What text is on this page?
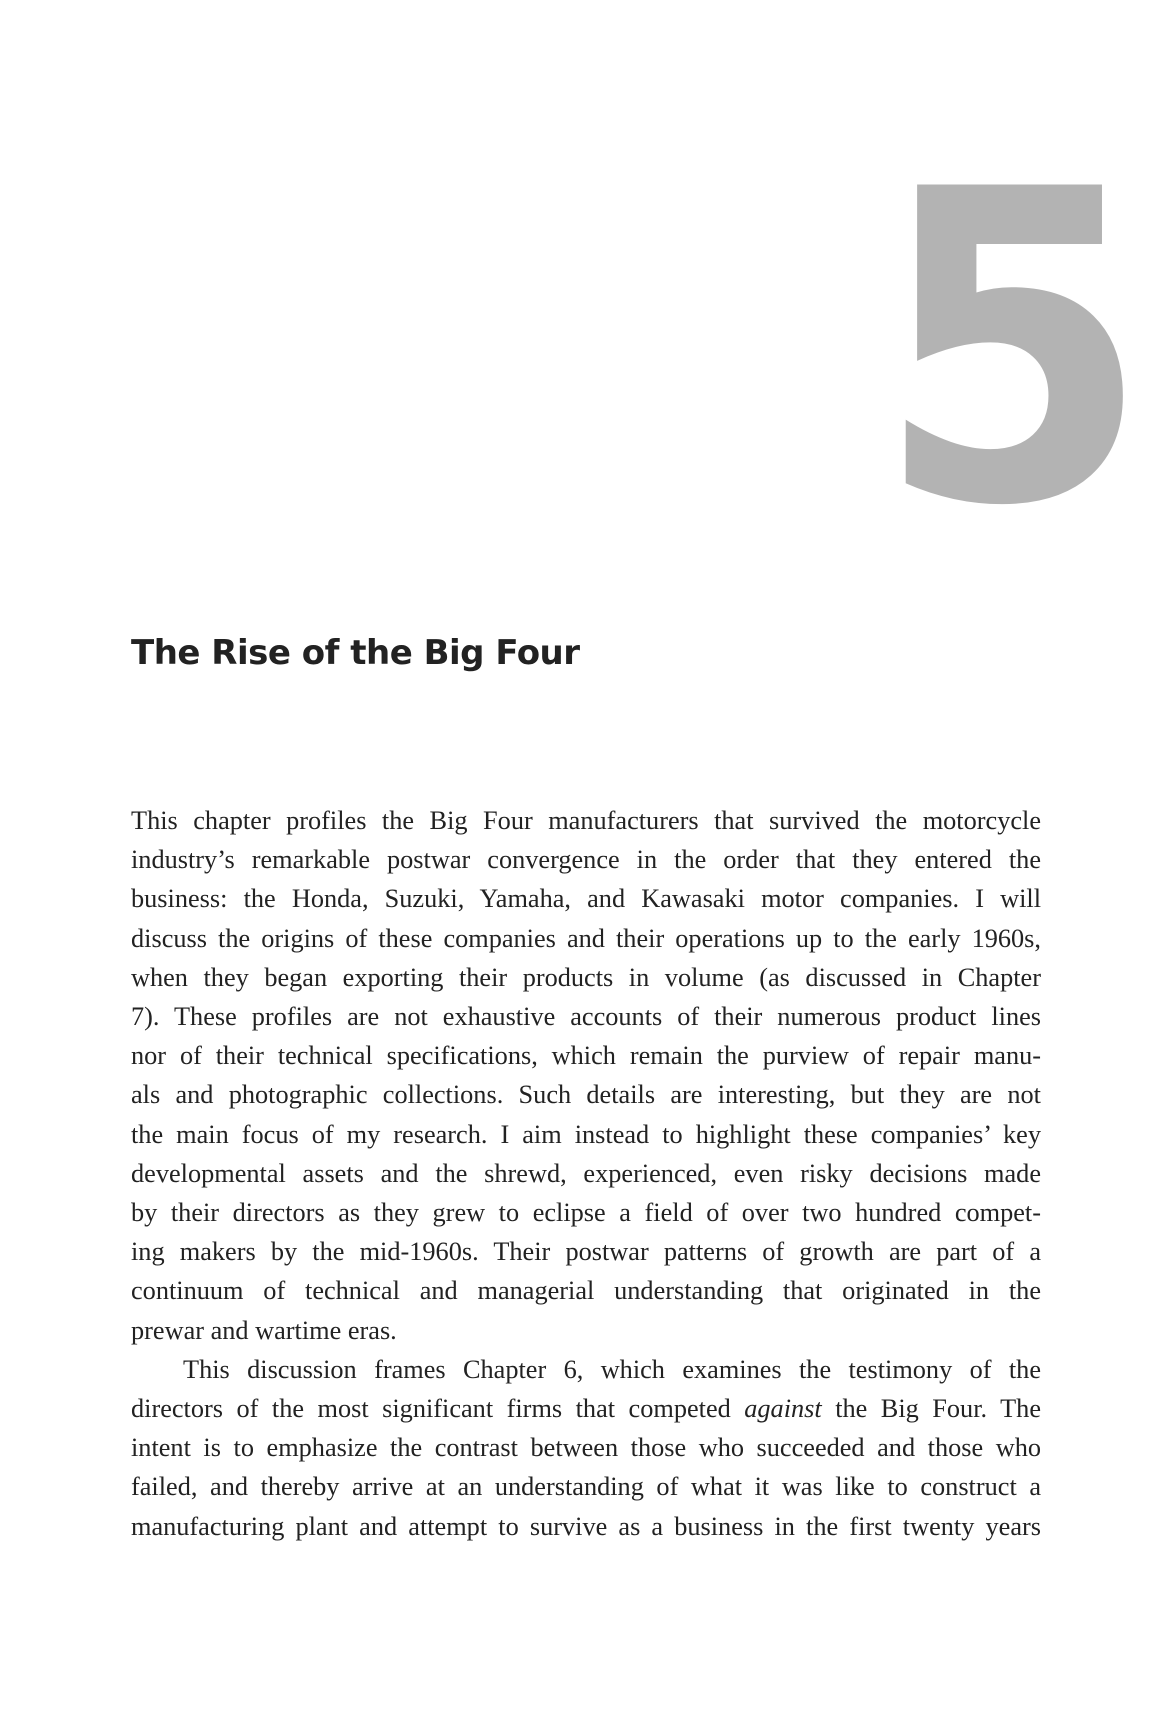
5
The Rise of the Big Four

This chapter profiles the Big Four manufacturers that survived the motorcycle
industry’s remarkable postwar convergence in the order that they entered the
business: the Honda, Suzuki, Yamaha, and Kawasaki motor companies. I will
discuss the origins of these companies and their operations up to the early 1960s,
when they began exporting their products in volume (as discussed in Chapter
7). These profiles are not exhaustive accounts of their numerous product lines
nor of their technical specifications, which remain the purview of repair manu-
als and photographic collections. Such details are interesting, but they are not
the main focus of my research. I aim instead to highlight these companies’ key
developmental assets and the shrewd, experienced, even risky decisions made
by their directors as they grew to eclipse a field of over two hundred compet-
ing makers by the mid-1960s. Their postwar patterns of growth are part of a
continuum of technical and managerial understanding that originated in the
prewar and wartime eras.

This discussion frames Chapter 6, which examines the testimony of the
directors of the most significant firms that competed against the Big Four. The
intent is to emphasize the contrast between those who succeeded and those who
failed, and thereby arrive at an understanding of what it was like to construct a
manufacturing plant and attempt to survive as a business in the first twenty years
